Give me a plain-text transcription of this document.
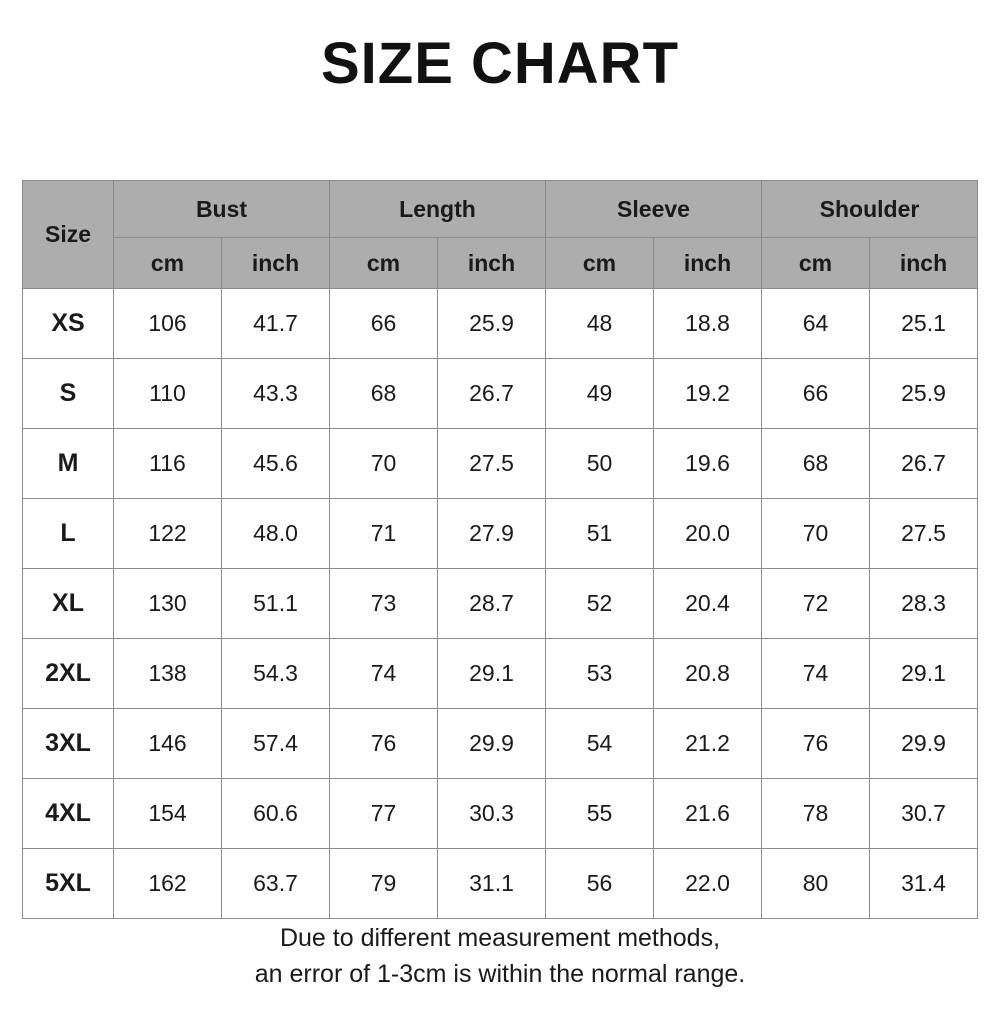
SIZE CHART
Size	Bust		Length		Sleeve		Shoulder	
	cm	inch	cm	inch	cm	inch	cm	inch
XS	106	41.7	66	25.9	48	18.8	64	25.1
S	110	43.3	68	26.7	49	19.2	66	25.9
M	116	45.6	70	27.5	50	19.6	68	26.7
L	122	48.0	71	27.9	51	20.0	70	27.5
XL	130	51.1	73	28.7	52	20.4	72	28.3
2XL	138	54.3	74	29.1	53	20.8	74	29.1
3XL	146	57.4	76	29.9	54	21.2	76	29.9
4XL	154	60.6	77	30.3	55	21.6	78	30.7
5XL	162	63.7	79	31.1	56	22.0	80	31.4
Due to different measurement methods,
an error of 1-3cm is within the normal range.
